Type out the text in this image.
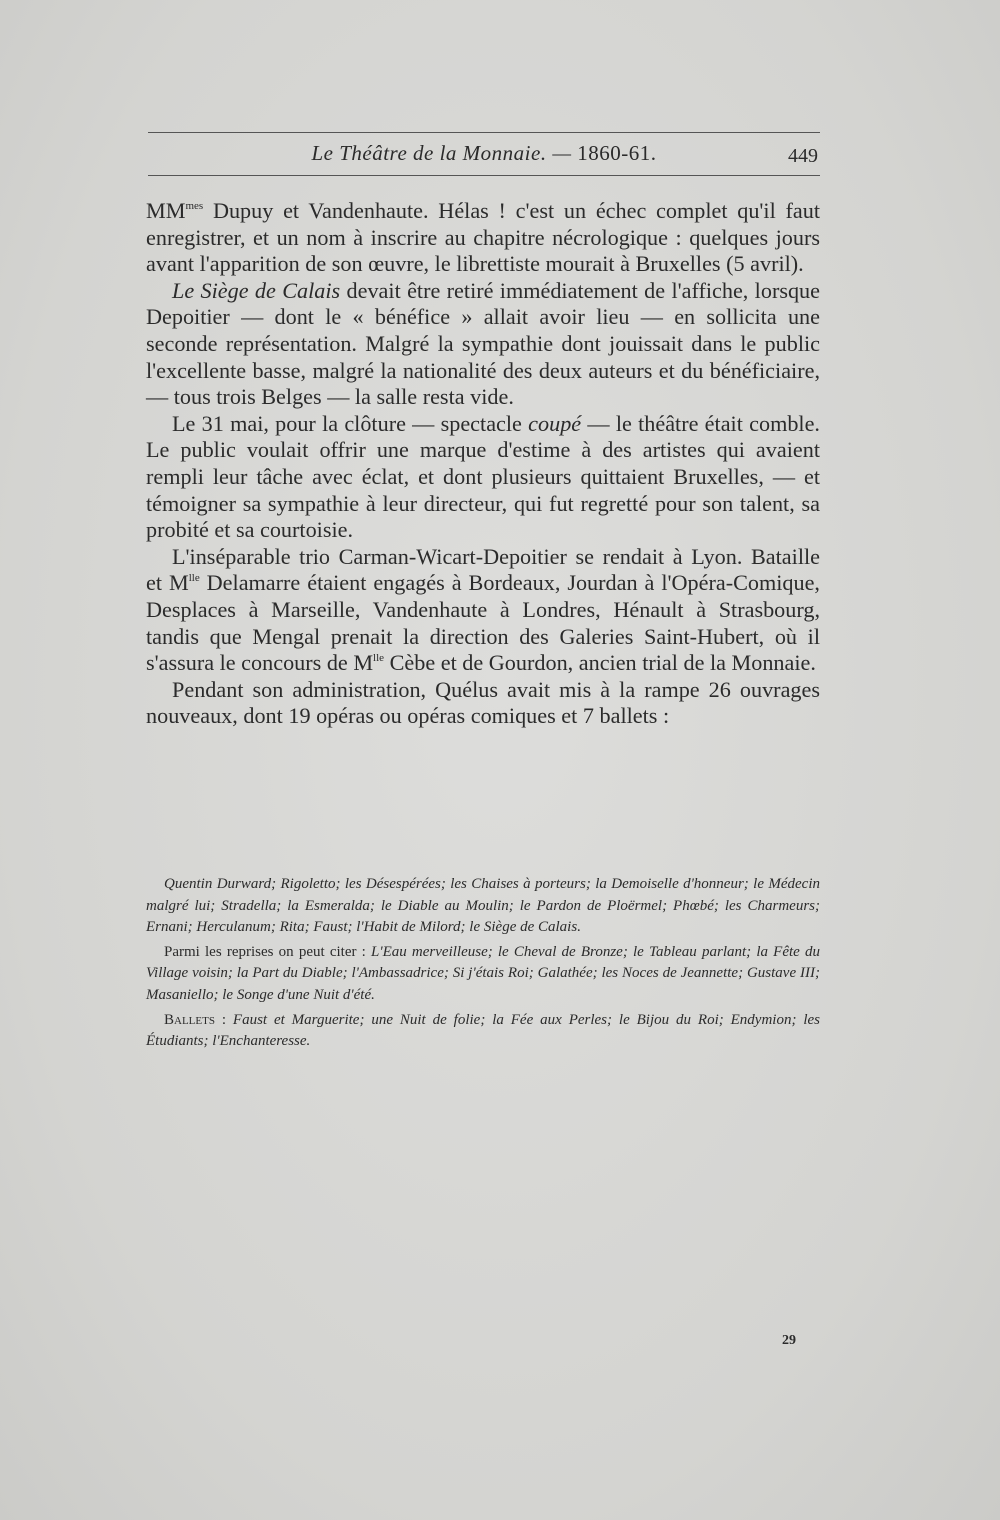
Le Théâtre de la Monnaie. — 1860-61.	449

$MM^{mes}$ Dupuy et Vandenhaute. Hélas ! c'est un échec complet qu'il faut enregistrer, et un nom à inscrire au chapitre nécrologique : quelques jours avant l'apparition de son œuvre, le librettiste mourait à Bruxelles (5 avril).

Le Siège de Calais devait être retiré immédiatement de l'affiche, lorsque Depoitier — dont le « bénéfice » allait avoir lieu — en sollicita une seconde représentation. Malgré la sympathie dont jouissait dans le public l'excellente basse, malgré la nationalité des deux auteurs et du bénéficiaire, — tous trois Belges — la salle resta vide.

Le 31 mai, pour la clôture — spectacle coupé — le théâtre était comble. Le public voulait offrir une marque d'estime à des artistes qui avaient rempli leur tâche avec éclat, et dont plusieurs quittaient Bruxelles, — et témoigner sa sympathie à leur directeur, qui fut regretté pour son talent, sa probité et sa courtoisie.

L'inséparable trio Carman-Wicart-Depoitier se rendait à Lyon. Bataille et $M^{lle}$ Delamarre étaient engagés à Bordeaux, Jourdan à l'Opéra-Comique, Desplaces à Marseille, Vandenhaute à Londres, Hénault à Strasbourg, tandis que Mengal prenait la direction des Galeries Saint-Hubert, où il s'assura le concours de $M^{lle}$ Cèbe et de Gourdon, ancien trial de la Monnaie.

Pendant son administration, Quélus avait mis à la rampe 26 ouvrages nouveaux, dont 19 opéras ou opéras comiques et 7 ballets :

Quentin Durward; Rigoletto; les Désespérées; les Chaises à porteurs; la Demoiselle d'honneur; le Médecin malgré lui; Stradella; la Esmeralda; le Diable au Moulin; le Pardon de Ploërmel; Phœbé; les Charmeurs; Ernani; Herculanum; Rita; Faust; l'Habit de Milord; le Siège de Calais.

Parmi les reprises on peut citer : L'Eau merveilleuse; le Cheval de Bronze; le Tableau parlant; la Fête du Village voisin; la Part du Diable; l'Ambassadrice; Si j'étais Roi; Galathée; les Noces de Jeannette; Gustave III; Masaniello; le Songe d'une Nuit d'été.

Ballets : Faust et Marguerite; une Nuit de folie; la Fée aux Perles; le Bijou du Roi; Endymion; les Étudiants; l'Enchanteresse.

29
